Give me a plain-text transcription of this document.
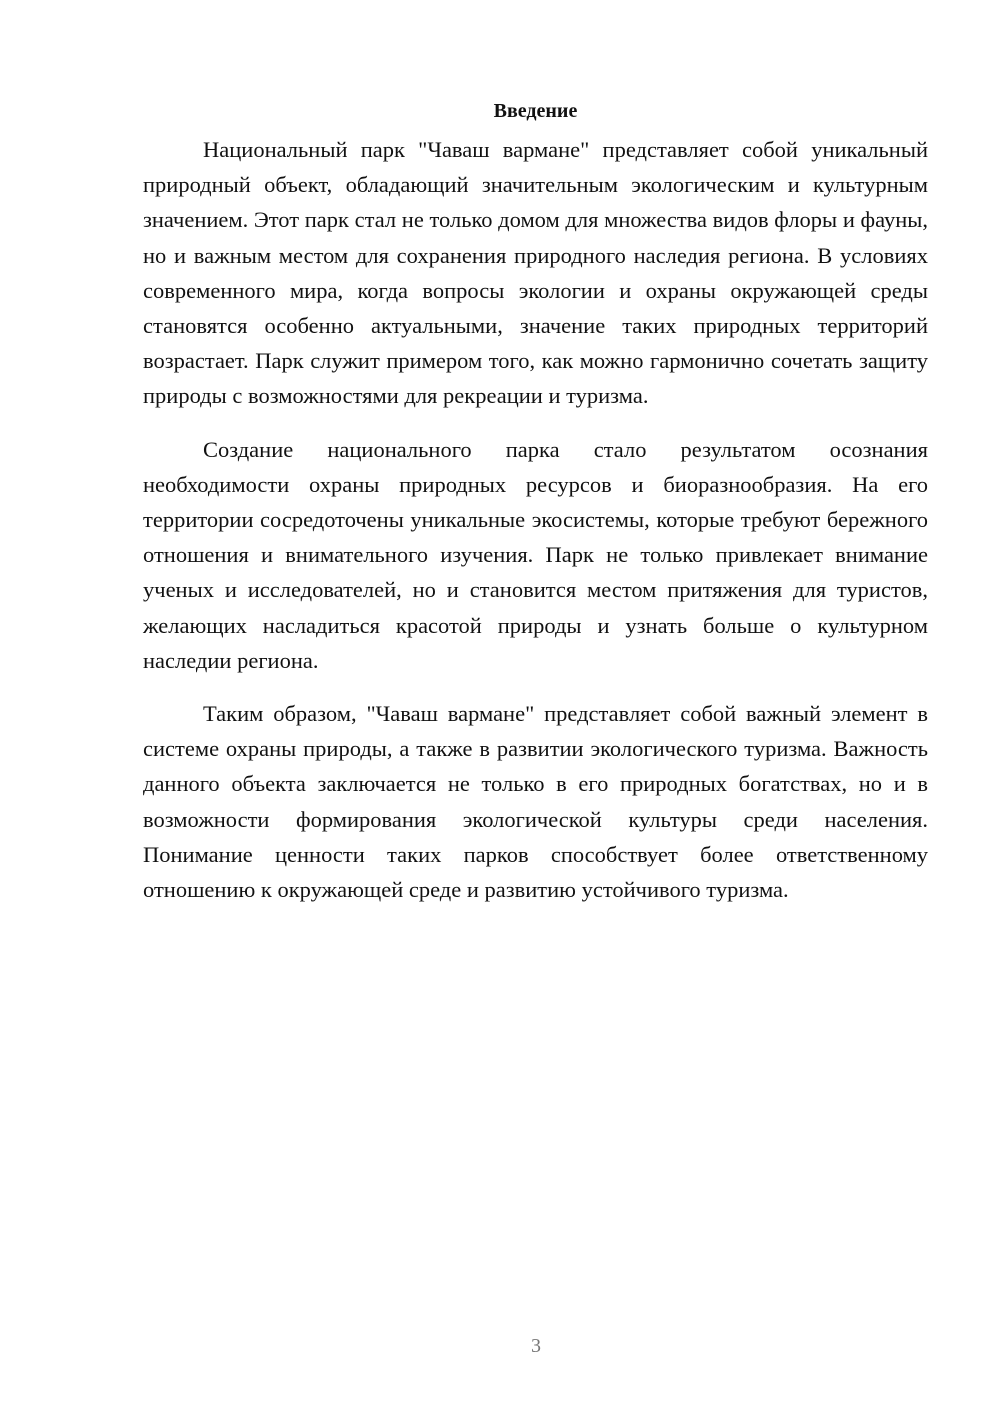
Введение

Национальный парк "Чаваш вармане" представляет собой уникальный природный объект, обладающий значительным экологическим и культурным значением. Этот парк стал не только домом для множества видов флоры и фауны, но и важным местом для сохранения природного наследия региона. В условиях современного мира, когда вопросы экологии и охраны окружающей среды становятся особенно актуальными, значение таких природных территорий возрастает. Парк служит примером того, как можно гармонично сочетать защиту природы с возможностями для рекреации и туризма.

Создание национального парка стало результатом осознания необходимости охраны природных ресурсов и биоразнообразия. На его территории сосредоточены уникальные экосистемы, которые требуют бережного отношения и внимательного изучения. Парк не только привлекает внимание ученых и исследователей, но и становится местом притяжения для туристов, желающих насладиться красотой природы и узнать больше о культурном наследии региона.

Таким образом, "Чаваш вармане" представляет собой важный элемент в системе охраны природы, а также в развитии экологического туризма. Важность данного объекта заключается не только в его природных богатствах, но и в возможности формирования экологической культуры среди населения. Понимание ценности таких парков способствует более ответственному отношению к окружающей среде и развитию устойчивого туризма.

3
